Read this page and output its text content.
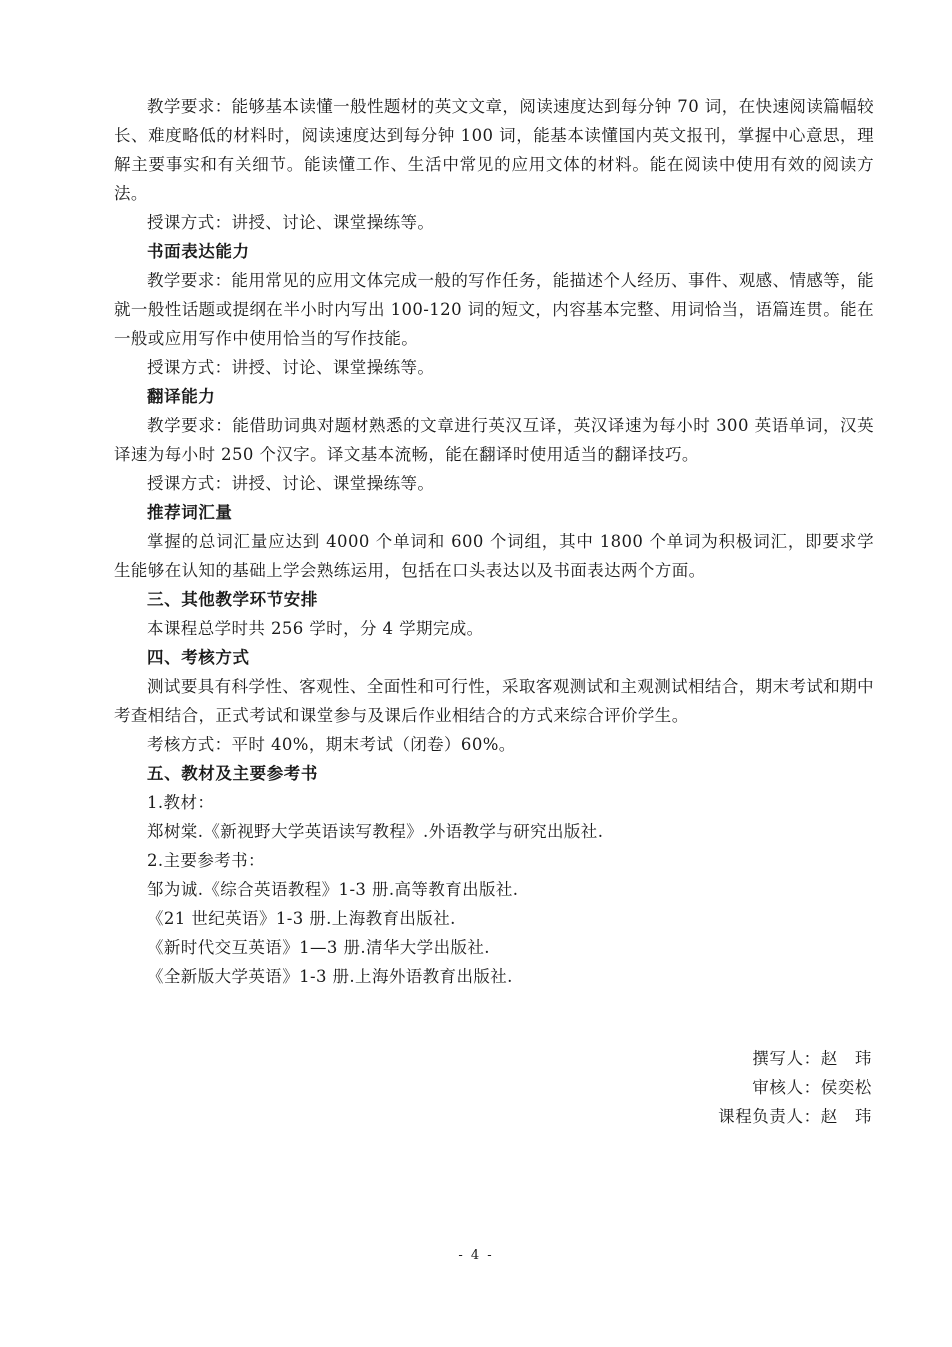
教学要求：能够基本读懂一般性题材的英文文章，阅读速度达到每分钟 70 词，在快速阅读篇幅较长、难度略低的材料时，阅读速度达到每分钟 100 词，能基本读懂国内英文报刊，掌握中心意思，理解主要事实和有关细节。能读懂工作、生活中常见的应用文体的材料。能在阅读中使用有效的阅读方法。

授课方式：讲授、讨论、课堂操练等。

书面表达能力

教学要求：能用常见的应用文体完成一般的写作任务，能描述个人经历、事件、观感、情感等，能就一般性话题或提纲在半小时内写出 100-120 词的短文，内容基本完整、用词恰当，语篇连贯。能在一般或应用写作中使用恰当的写作技能。

授课方式：讲授、讨论、课堂操练等。

翻译能力

教学要求：能借助词典对题材熟悉的文章进行英汉互译，英汉译速为每小时 300 英语单词，汉英译速为每小时 250 个汉字。译文基本流畅，能在翻译时使用适当的翻译技巧。

授课方式：讲授、讨论、课堂操练等。

推荐词汇量

掌握的总词汇量应达到 4000 个单词和 600 个词组，其中 1800 个单词为积极词汇，即要求学生能够在认知的基础上学会熟练运用，包括在口头表达以及书面表达两个方面。

三、其他教学环节安排

本课程总学时共 256 学时，分 4 学期完成。

四、考核方式

测试要具有科学性、客观性、全面性和可行性，采取客观测试和主观测试相结合，期末考试和期中考查相结合，正式考试和课堂参与及课后作业相结合的方式来综合评价学生。

考核方式：平时 40%，期末考试（闭卷）60%。

五、教材及主要参考书

1.教材：

郑树棠.《新视野大学英语读写教程》.外语教学与研究出版社.

2.主要参考书：

邹为诚.《综合英语教程》1-3 册.高等教育出版社.

《21 世纪英语》1-3 册.上海教育出版社.

《新时代交互英语》1—3 册.清华大学出版社.

《全新版大学英语》1-3 册.上海外语教育出版社.

撰写人：赵　玮
审核人：侯奕松
课程负责人：赵　玮
- 4 -
